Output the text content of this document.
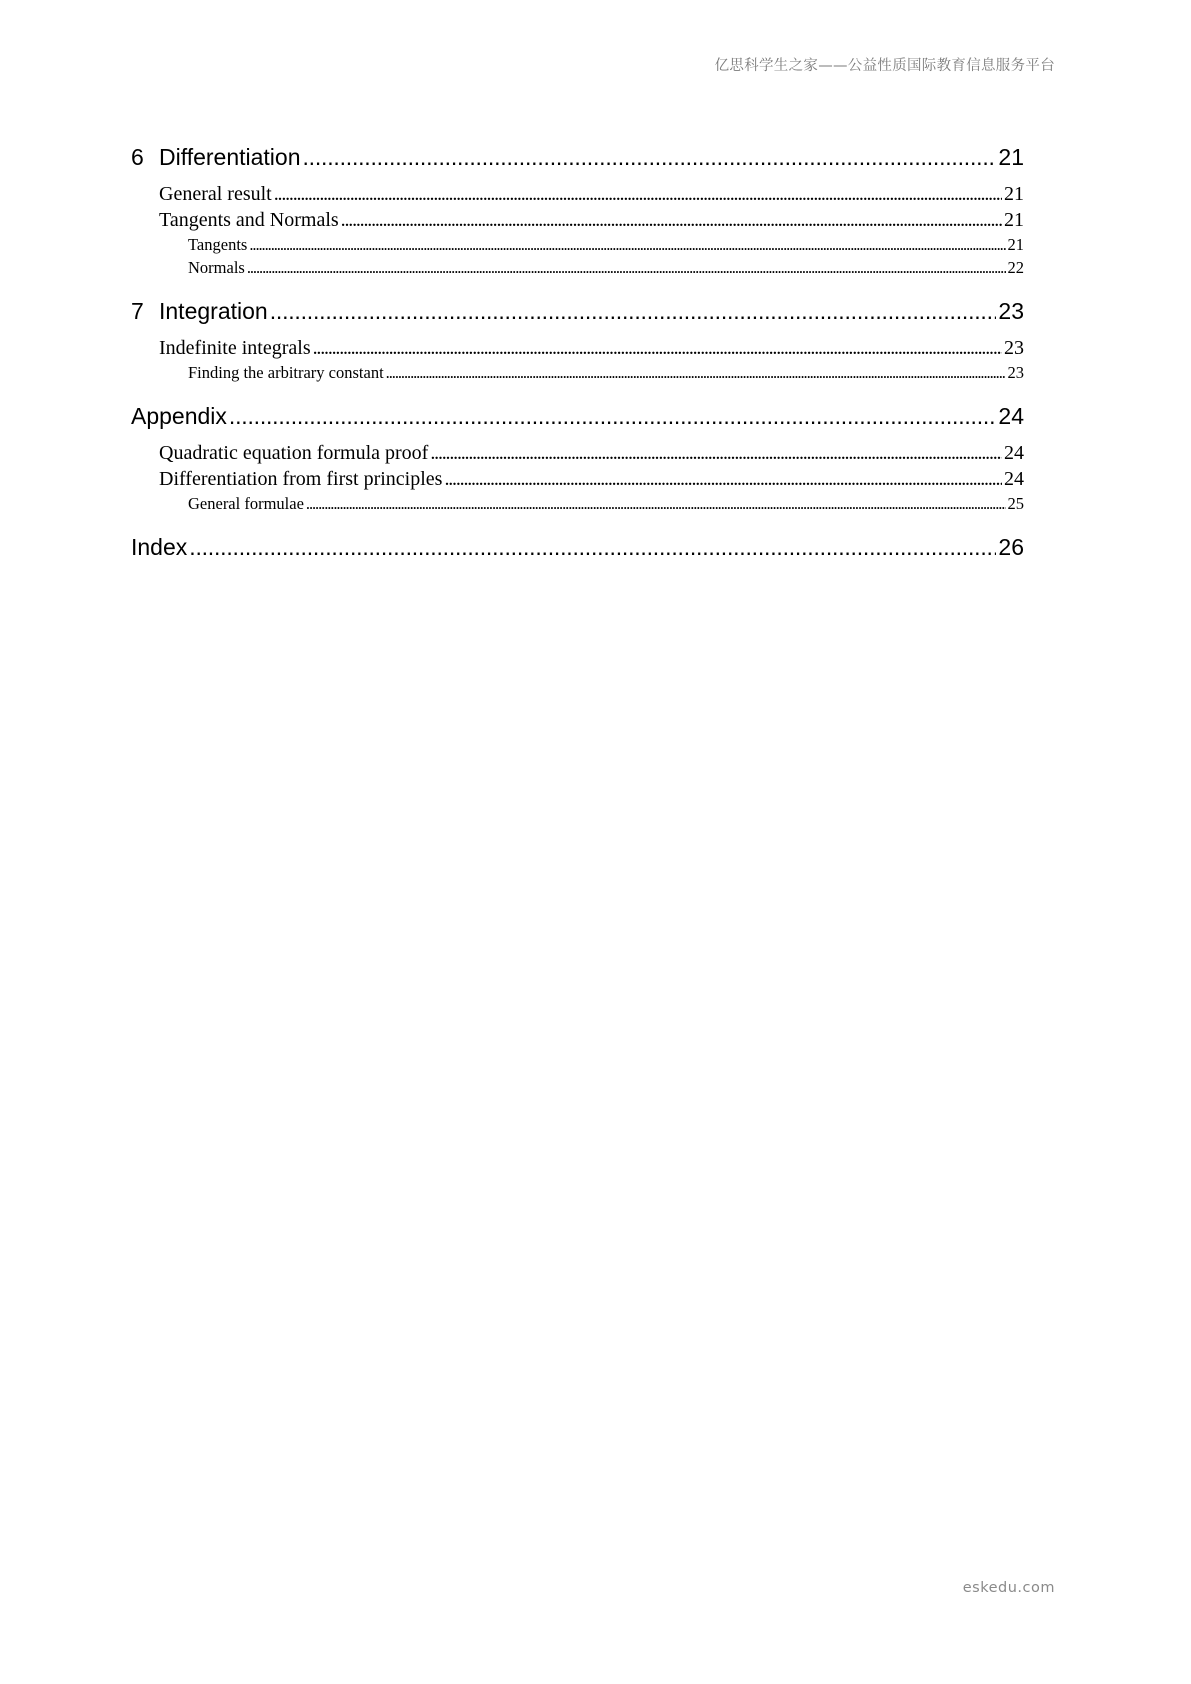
亿思科学生之家——公益性质国际教育信息服务平台
6 Differentiation . . .	21
General result . . .	21
Tangents and Normals . . .	21
Tangents . . .	21
Normals . . .	22
7 Integration . . .	23
Indefinite integrals . . .	23
Finding the arbitrary constant . . .	23
Appendix . . .	24
Quadratic equation formula proof . . .	24
Differentiation from first principles . . .	24
General formulae . . .	25
Index . . .	26
eskedu.com
